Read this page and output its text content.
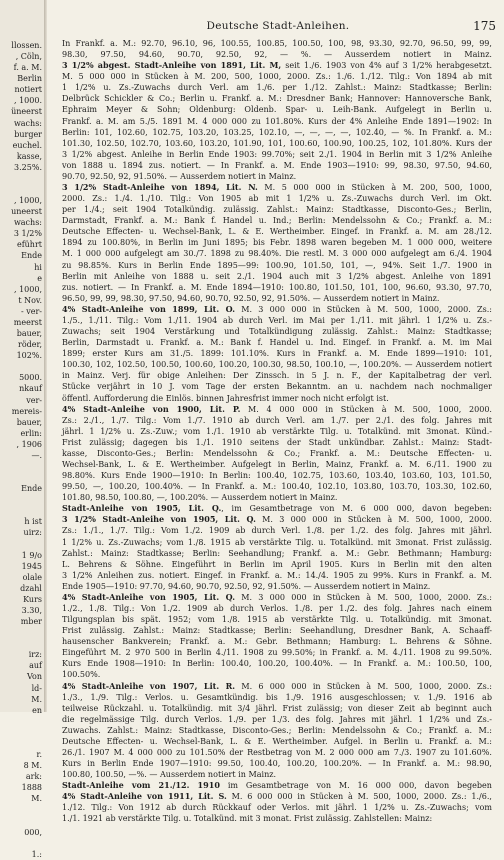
llossen.
, Cöln,
f. a. M.
Berlin
notiert
, 1000.
üneerst
wachs:
burger
euchel.
kasse,
3.25%.
, 1000,
uneerst
wachs:
3 1/2%
eführt
Ende
hi
e
, 1000,
t Nov.
- ver-
meerst
bauer,
röder,
102%.
5000.
nkauf
ver-
mereis-
bauer,
erlin:
, 1906
—.
Ende
h ist
uirz:
1 9/o
1945
olale
dzahl
Kurs
3.30,
mber
irz:
auf
Von
ld-
M.
en
r.
8 M.
ark:
1888
M.
000,
1.:
Deutsche Stadt-Anleihen.	175
In Frankf. a. M.: 92.70, 96.10, 96, 100.55, 100.85, 100.50, 100, 98, 93.30, 92.70, 96.50, 99, 99,
98.30, 97.50, 94.60, 90.70, 92.50, 92, — %. — Ausserdem notiert in Mainz.
3 1/2% abgest. Stadt-Anleihe von 1891, Lit. M, seit 1./6. 1903 von 4% auf 3 1/2% herabgesetzt.
M. 5 000 000 in Stücken à M. 200, 500, 1000, 2000. Zs.: 1./6. 1./12. Tilg.: Von 1894 ab mit
1 1/2% u. Zs.-Zuwachs durch Verl. am 1./6. per 1./12. Zahlst.: Mainz: Stadtkasse; Berlin:
Delbrück Schickler & Co.; Berlin u. Frankf. a. M.: Dresdner Bank; Hannover: Hannoversche Bank,
Ephraim Meyer & Sohn; Oldenburg: Oldenb. Spar- u. Leih-Bank. Aufgelegt in Berlin u.
Frankf. a. M. am 5./5. 1891 M. 4 000 000 zu 101.80%. Kurs der 4% Anleihe Ende 1891—1902: In
Berlin: 101, 102.60, 102.75, 103.20, 103.25, 102.10, —, —, —, —, 102.40, — %. In Frankf. a. M.:
101.30, 102.50, 102.70, 103.60, 103.20, 101.90, 101, 100.60, 100.90, 100.25, 102, 101.80%. Kurs der
3 1/2% abgest. Anleihe in Berlin Ende 1903: 99.70%; seit 2./1. 1904 in Berlin mit 3 1/2% Anleihe
von 1888 u. 1894 zus. notiert. — In Frankf. a. M. Ende 1903—1910: 99, 98.30, 97.50, 94.60,
90.70, 92.50, 92, 91.50%. — Ausserdem notiert in Mainz.
3 1/2% Stadt-Anleihe von 1894, Lit. N. M. 5 000 000 in Stücken à M. 200, 500, 1000,
2000. Zs.: 1./4. 1./10. Tilg.: Von 1905 ab mit 1 1/2% u. Zs.-Zuwachs durch Verl. im Okt.
per 1./4.; seit 1904 Totalkündig. zulässig. Zahlst.: Mainz: Stadtkasse, Disconto-Ges.; Berlin,
Darmstadt, Frankf. a. M.: Bank f. Handel u. Ind.; Berlin: Mendelssohn & Co.; Frankf. a. M.:
Deutsche Effecten- u. Wechsel-Bank, L. & E. Wertheimber. Eingef. in Frankf. a. M. am 28./12.
1894 zu 100.80%, in Berlin im Juni 1895; bis Febr. 1898 waren begeben M. 1 000 000, weitere
M. 1 000 000 aufgelegt am 30./7. 1898 zu 98.40%. Die restl. M. 3 000 000 aufgelegt am 6./4. 1904
zu 98.85%. Kurs in Berlin Ende 1895—99: 100.90, 101.50, 101, —, 94%. Seit 1./7. 1900 in
Berlin mit Anleihe von 1888 u. seit 2./1. 1904 auch mit 3 1/2% abgest. Anleihe von 1891
zus. notiert. — In Frankf. a. M. Ende 1894—1910: 100.80, 101.50, 101, 100, 96.60, 93.30, 97.70,
96.50, 99, 99, 98.30, 97.50, 94.60, 90.70, 92.50, 92, 91.50%. — Ausserdem notiert in Mainz.
4% Stadt-Anleihe von 1899, Lit. O. M. 3 000 000 in Stücken à M. 500, 1000, 2000. Zs.:
1./5., 1./11. Tilg.: Vom 1./11. 1904 ab durch Verl. im Mai per 1./11. mit jährl. 1 1/2% u. Zs.-
Zuwachs; seit 1904 Verstärkung und Totalkündigung zulässig. Zahlst.: Mainz: Stadtkasse;
Berlin, Darmstadt u. Frankf. a. M.: Bank f. Handel u. Ind. Eingef. in Frankf. a. M. im Mai
1899; erster Kurs am 31./5. 1899: 101.10%. Kurs in Frankf. a. M. Ende 1899—1910: 101,
100.30, 102, 102.50, 100.50, 100.60, 100.20, 100.30, 98.50, 100.10, —, 100.20%. — Ausserdem notiert
in Mainz. Verj. für obige Anleihen: Der Zinssch. in 5 J. n. F., der Kapitalbetrag der verl.
Stücke verjährt in 10 J. vom Tage der ersten Bekanntm. an u. nachdem nach nochmaliger
öffentl. Aufforderung die Einlös. binnen Jahresfrist immer noch nicht erfolgt ist.
4% Stadt-Anleihe von 1900, Lit. P. M. 4 000 000 in Stücken à M. 500, 1000, 2000.
Zs.: 2./1., 1./7. Tilg.: Vom 1./7. 1910 ab durch Verl. am 1./7. per 2./1. des folg. Jahres mit
jährl. 1 1/2% u. Zs.-Zuw.; vom 1./1. 1910 ab verstärkte Tilg. u. Totalkünd. mit 3monat. Künd.-
Frist zulässig; dagegen bis 1./1. 1910 seitens der Stadt unkündbar. Zahlst.: Mainz: Stadt-
kasse, Disconto-Ges.; Berlin: Mendelssohn & Co.; Frankf. a. M.: Deutsche Effecten- u.
Wechsel-Bank, L. & E. Wertheimber. Aufgelegt in Berlin, Mainz, Frankf. a. M. 6./11. 1900 zu
98.80%. Kurs Ende 1900—1910: In Berlin: 100.40, 102.75, 103.60, 103.40, 103.60, 103, 101.50,
99.50, —, 100.20, 100.40%. — In Frankf. a. M.: 100.40, 102.10, 103.80, 103.70, 103.30, 102.60,
101.80, 98.50, 100.80, —, 100.20%. — Ausserdem notiert in Mainz.
Stadt-Anleihe von 1905, Lit. Q., im Gesamtbetrage von M. 6 000 000, davon begeben:
3 1/2% Stadt-Anleihe von 1905, Lit. Q. M. 3 000 000 in Stücken à M. 500, 1000, 2000.
Zs.: 1./1., 1./7. Tilg.: Vom 1./2. 1909 ab durch Verl. 1./8. per 1./2. des folg. Jahres mit jährl.
1 1/2% u. Zs.-Zuwachs; vom 1./8. 1915 ab verstärkte Tilg. u. Totalkünd. mit 3monat. Frist zulässig.
Zahlst.: Mainz: Stadtkasse; Berlin: Seehandlung; Frankf. a. M.: Gebr. Bethmann; Hamburg:
L. Behrens & Söhne. Eingeführt in Berlin im April 1905. Kurs in Berlin mit den alten
3 1/2% Anleihen zus. notiert. Eingef. in Frankf. a. M.: 14./4. 1905 zu 99%. Kurs in Frankf. a. M.
Ende 1905—1910: 97.70, 94.60, 90.70, 92.50, 92, 91.50%. — Ausserdem notiert in Mainz.
4% Stadt-Anleihe von 1905, Lit. Q. M. 3 000 000 in Stücken à M. 500, 1000, 2000. Zs.:
1./2., 1./8. Tilg.: Von 1./2. 1909 ab durch Verlos. 1./8. per 1./2. des folg. Jahres nach einem
Tilgungsplan bis spät. 1952; vom 1./8. 1915 ab verstärkte Tilg. u. Totalkündig. mit 3monat.
Frist zulässig. Zahlst.: Mainz: Stadtkasse; Berlin: Seehandlung, Dresdner Bank, A. Schaaff-
hausenscher Bankverein; Frankf. a. M.: Gebr. Bethmann; Hamburg: L. Behrens & Söhne.
Eingeführt M. 2 970 500 in Berlin 4./11. 1908 zu 99.50%; in Frankf. a. M. 4./11. 1908 zu 99.50%.
Kurs Ende 1908—1910: In Berlin: 100.40, 100.20, 100.40%. — In Frankf. a. M.: 100.50, 100,
100.50%.
4% Stadt-Anleihe von 1907, Lit. R. M. 6 000 000 in Stücken à M. 500, 1000, 2000. Zs.:
1./3., 1./9. Tilg.: Verlos. u. Gesamtkündig. bis 1./9. 1916 ausgeschlossen; v. 1./9. 1916 ab
teilweise Rückzahl. u. Totalkündig. mit 3/4 jährl. Frist zulässig; von dieser Zeit ab beginnt auch
die regelmässige Tilg. durch Verlos. 1./9. per 1./3. des folg. Jahres mit jährl. 1 1/2% und Zs.-
Zuwachs. Zahlst.: Mainz: Stadtkasse, Disconto-Ges.; Berlin: Mendelssohn & Co.; Frankf. a. M.:
Deutsche Effecten- u. Wechsel-Bank, L. & E. Wertheimber. Aufgel. in Berlin u. Frankf. a. M.:
26./1. 1907 M. 4 000 000 zu 101.50% der Restbetrag von M. 2 000 000 am 7./3. 1907 zu 101.60%.
Kurs in Berlin Ende 1907—1910: 99.50, 100.40, 100.20, 100.20%. — In Frankf. a. M.: 98.90,
100.80, 100.50, —%. — Ausserdem notiert in Mainz.
Stadt-Anleihe vom 21./12. 1910 im Gesamtbetrage von M. 16 000 000, davon begeben
4% Stadt-Anleihe von 1911, Lit. S. M. 6 000 000 in Stücken à M. 500, 1000, 2000. Zs.: 1./6.,
1./12. Tilg.: Von 1912 ab durch Rückkauf oder Verlos. mit jährl. 1 1/2% u. Zs.-Zuwachs; vom
1./1. 1921 ab verstärkte Tilg. u. Totalkünd. mit 3 monat. Frist zulässig. Zahlstellen: Mainz:
